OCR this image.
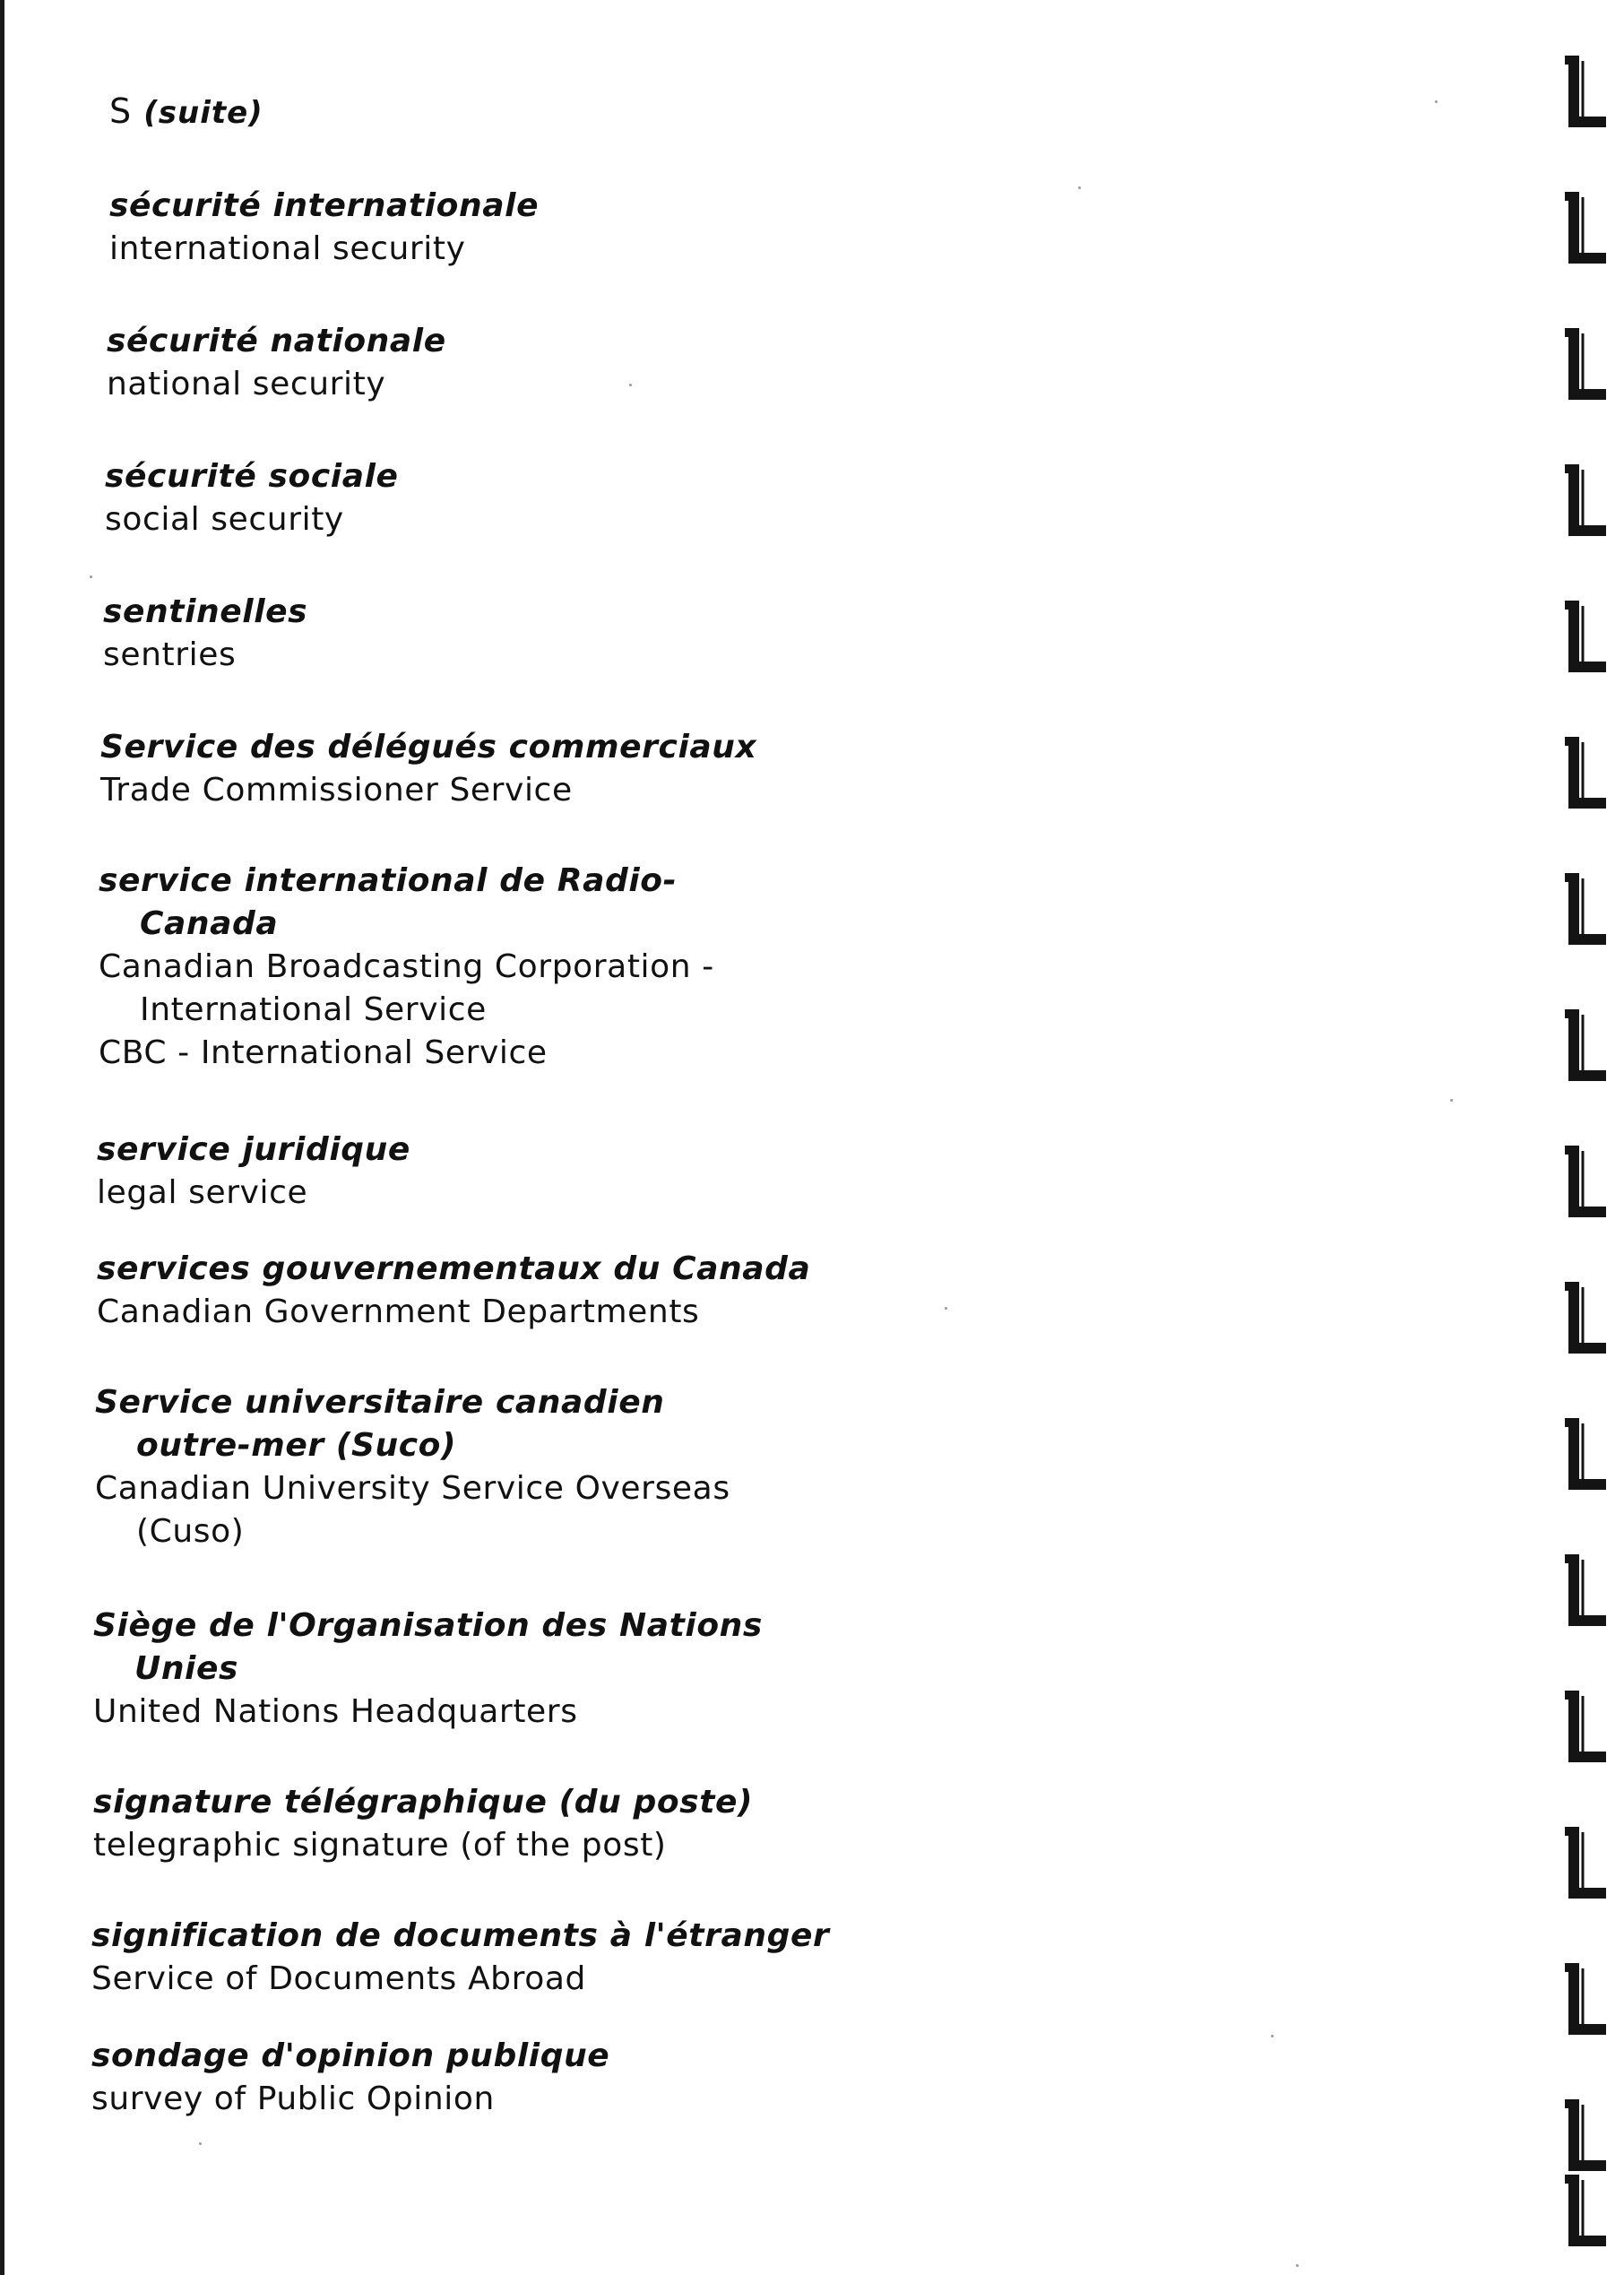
S (suite)

sécurité internationale

international security

sécurité nationale

national security

sécurité sociale

social security

sentinelles

sentries

Service des délégués commerciaux

Trade Commissioner Service

service international de Radio-

Canada

Canadian Broadcasting Corporation -

International Service

CBC - International Service

service juridique

legal service

services gouvernementaux du Canada

Canadian Government Departments

Service universitaire canadien

outre-mer (Suco)

Canadian University Service Overseas

(Cuso)

Siège de l'Organisation des Nations

Unies

United Nations Headquarters

signature télégraphique (du poste)

telegraphic signature (of the post)

signification de documents à l'étranger

Service of Documents Abroad

sondage d'opinion publique

survey of Public Opinion
